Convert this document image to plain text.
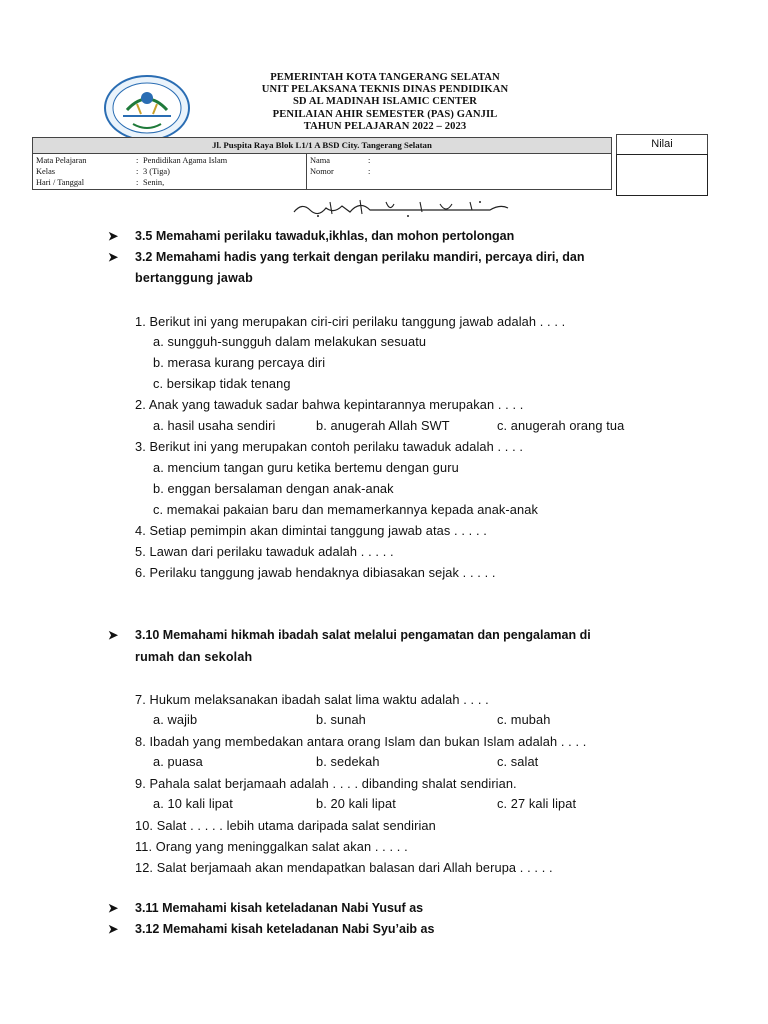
PEMERINTAH KOTA TANGERANG SELATAN
UNIT PELAKSANA TEKNIS DINAS PENDIDIKAN
SD AL MADINAH ISLAMIC CENTER
PENILAIAN AHIR SEMESTER (PAS) GANJIL
TAHUN PELAJARAN 2022 – 2023
Jl. Puspita Raya Blok L1/1 A BSD City. Tangerang Selatan	Nilai
Mata Pelajaran	: Pendidikan Agama Islam
Kelas	: 3 (Tiga)
Hari / Tanggal	: Senin,
Nama	:
Nomor	:
➤ 3.5 Memahami perilaku tawaduk,ikhlas, dan mohon pertolongan
➤ 3.2 Memahami hadis yang terkait dengan perilaku mandiri, percaya diri, dan
bertanggung jawab
1. Berikut ini yang merupakan ciri-ciri perilaku tanggung jawab adalah . . . .
a. sungguh-sungguh dalam melakukan sesuatu
b. merasa kurang percaya diri
c. bersikap tidak tenang
2. Anak yang tawaduk sadar bahwa kepintarannya merupakan . . . .
a. hasil usaha sendiri	b. anugerah Allah SWT	c. anugerah orang tua
3. Berikut ini yang merupakan contoh perilaku tawaduk adalah . . . .
a. mencium tangan guru ketika bertemu dengan guru
b. enggan bersalaman dengan anak-anak
c. memakai pakaian baru dan memamerkannya kepada anak-anak
4. Setiap pemimpin akan dimintai tanggung jawab atas . . . . .
5. Lawan dari perilaku tawaduk adalah . . . . .
6. Perilaku tanggung jawab hendaknya dibiasakan sejak . . . . .
➤ 3.10 Memahami hikmah ibadah salat melalui pengamatan dan pengalaman di
rumah dan sekolah
7. Hukum melaksanakan ibadah salat lima waktu adalah . . . .
a. wajib	b. sunah	c. mubah
8. Ibadah yang membedakan antara orang Islam dan bukan Islam adalah . . . .
a. puasa	b. sedekah	c. salat
9. Pahala salat berjamaah adalah . . . . dibanding shalat sendirian.
a. 10 kali lipat	b. 20 kali lipat	c. 27 kali lipat
10. Salat . . . . . lebih utama daripada salat sendirian
11. Orang yang meninggalkan salat akan . . . . .
12. Salat berjamaah akan mendapatkan balasan dari Allah berupa . . . . .
➤ 3.11 Memahami kisah keteladanan Nabi Yusuf as
➤ 3.12 Memahami kisah keteladanan Nabi Syu’aib as
